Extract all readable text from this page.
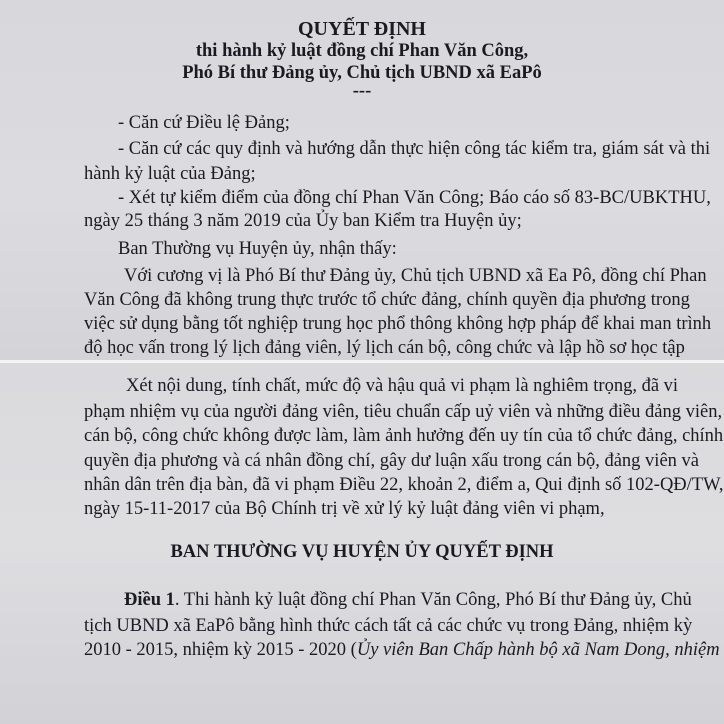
QUYẾT ĐỊNH
thi hành kỷ luật đồng chí Phan Văn Công,
Phó Bí thư Đảng ủy, Chủ tịch UBND xã EaPô
---
- Căn cứ Điều lệ Đảng;
- Căn cứ các quy định và hướng dẫn thực hiện công tác kiểm tra, giám sát và thi
hành kỷ luật của Đảng;
- Xét tự kiểm điểm của đồng chí Phan Văn Công; Báo cáo số 83-BC/UBKTHU,
ngày 25 tháng 3 năm 2019 của Ủy ban Kiểm tra Huyện ủy;
Ban Thường vụ Huyện ủy, nhận thấy:
Với cương vị là Phó Bí thư Đảng ủy, Chủ tịch UBND xã Ea Pô, đồng chí Phan
Văn Công đã không trung thực trước tổ chức đảng, chính quyền địa phương trong
việc sử dụng bằng tốt nghiệp trung học phổ thông không hợp pháp để khai man trình
độ học vấn trong lý lịch đảng viên, lý lịch cán bộ, công chức và lập hồ sơ học tập
Xét nội dung, tính chất, mức độ và hậu quả vi phạm là nghiêm trọng, đã vi
phạm nhiệm vụ của người đảng viên, tiêu chuẩn cấp uỷ viên và những điều đảng viên,
cán bộ, công chức không được làm, làm ảnh hưởng đến uy tín của tổ chức đảng, chính
quyền địa phương và cá nhân đồng chí, gây dư luận xấu trong cán bộ, đảng viên và
nhân dân trên địa bàn, đã vi phạm Điều 22, khoản 2, điểm a, Qui định số 102-QĐ/TW,
ngày 15-11-2017 của Bộ Chính trị về xử lý kỷ luật đảng viên vi phạm,
BAN THƯỜNG VỤ HUYỆN ỦY QUYẾT ĐỊNH
Điều 1. Thi hành kỷ luật đồng chí Phan Văn Công, Phó Bí thư Đảng ủy, Chủ
tịch UBND xã EaPô bằng hình thức cách tất cả các chức vụ trong Đảng, nhiệm kỳ
2010 - 2015, nhiệm kỳ 2015 - 2020 (Ủy viên Ban Chấp hành bộ xã Nam Dong, nhiệm
